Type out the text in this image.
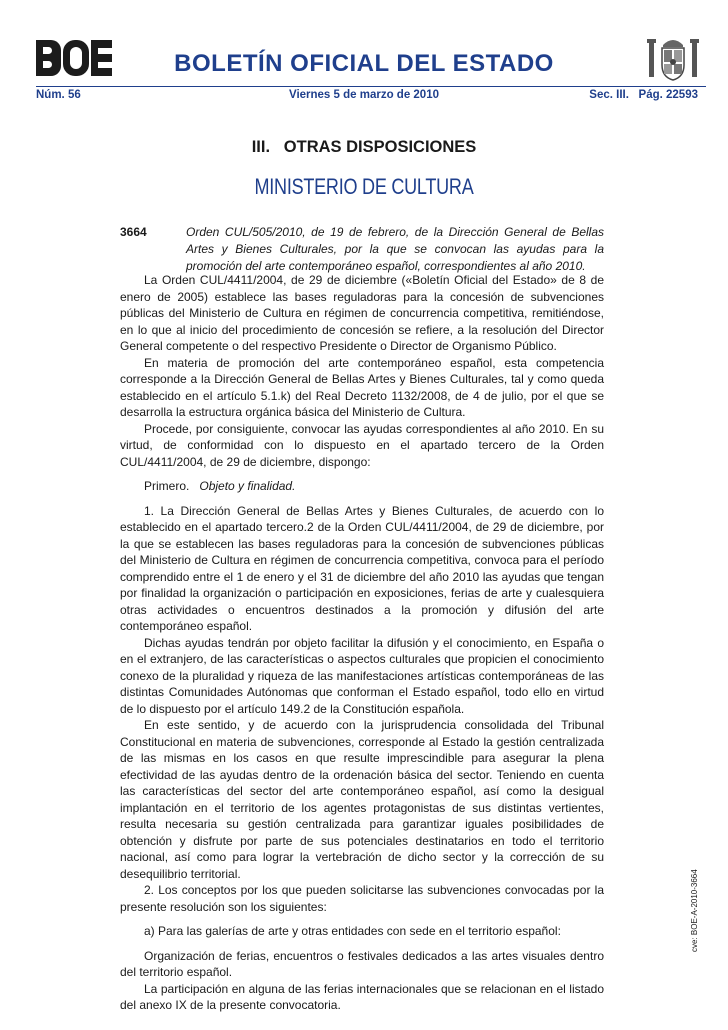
BOLETÍN OFICIAL DEL ESTADO
Núm. 56	Viernes 5 de marzo de 2010	Sec. III. Pág. 22593
III.   OTRAS DISPOSICIONES
MINISTERIO DE CULTURA
3664	Orden CUL/505/2010, de 19 de febrero, de la Dirección General de Bellas Artes y Bienes Culturales, por la que se convocan las ayudas para la promoción del arte contemporáneo español, correspondientes al año 2010.

La Orden CUL/4411/2004, de 29 de diciembre («Boletín Oficial del Estado» de 8 de enero de 2005) establece las bases reguladoras para la concesión de subvenciones públicas del Ministerio de Cultura en régimen de concurrencia competitiva, remitiéndose, en lo que al inicio del procedimiento de concesión se refiere, a la resolución del Director General competente o del respectivo Presidente o Director de Organismo Público.

En materia de promoción del arte contemporáneo español, esta competencia corresponde a la Dirección General de Bellas Artes y Bienes Culturales, tal y como queda establecido en el artículo 5.1.k) del Real Decreto 1132/2008, de 4 de julio, por el que se desarrolla la estructura orgánica básica del Ministerio de Cultura.

Procede, por consiguiente, convocar las ayudas correspondientes al año 2010. En su virtud, de conformidad con lo dispuesto en el apartado tercero de la Orden CUL/4411/2004, de 29 de diciembre, dispongo:

Primero. Objeto y finalidad.

1. La Dirección General de Bellas Artes y Bienes Culturales, de acuerdo con lo establecido en el apartado tercero.2 de la Orden CUL/4411/2004, de 29 de diciembre, por la que se establecen las bases reguladoras para la concesión de subvenciones públicas del Ministerio de Cultura en régimen de concurrencia competitiva, convoca para el período comprendido entre el 1 de enero y el 31 de diciembre del año 2010 las ayudas que tengan por finalidad la organización o participación en exposiciones, ferias de arte y cualesquiera otras actividades o encuentros destinados a la promoción y difusión del arte contemporáneo español.

Dichas ayudas tendrán por objeto facilitar la difusión y el conocimiento, en España o en el extranjero, de las características o aspectos culturales que propicien el conocimiento conexo de la pluralidad y riqueza de las manifestaciones artísticas contemporáneas de las distintas Comunidades Autónomas que conforman el Estado español, todo ello en virtud de lo dispuesto por el artículo 149.2 de la Constitución española.

En este sentido, y de acuerdo con la jurisprudencia consolidada del Tribunal Constitucional en materia de subvenciones, corresponde al Estado la gestión centralizada de las mismas en los casos en que resulte imprescindible para asegurar la plena efectividad de las ayudas dentro de la ordenación básica del sector. Teniendo en cuenta las características del sector del arte contemporáneo español, así como la desigual implantación en el territorio de los agentes protagonistas de sus distintas vertientes, resulta necesaria su gestión centralizada para garantizar iguales posibilidades de obtención y disfrute por parte de sus potenciales destinatarios en todo el territorio nacional, así como para lograr la vertebración de dicho sector y la corrección de su desequilibrio territorial.

2. Los conceptos por los que pueden solicitarse las subvenciones convocadas por la presente resolución son los siguientes:

a) Para las galerías de arte y otras entidades con sede en el territorio español:

Organización de ferias, encuentros o festivales dedicados a las artes visuales dentro del territorio español.

La participación en alguna de las ferias internacionales que se relacionan en el listado del anexo IX de la presente convocatoria.

cve: BOE-A-2010-3664
